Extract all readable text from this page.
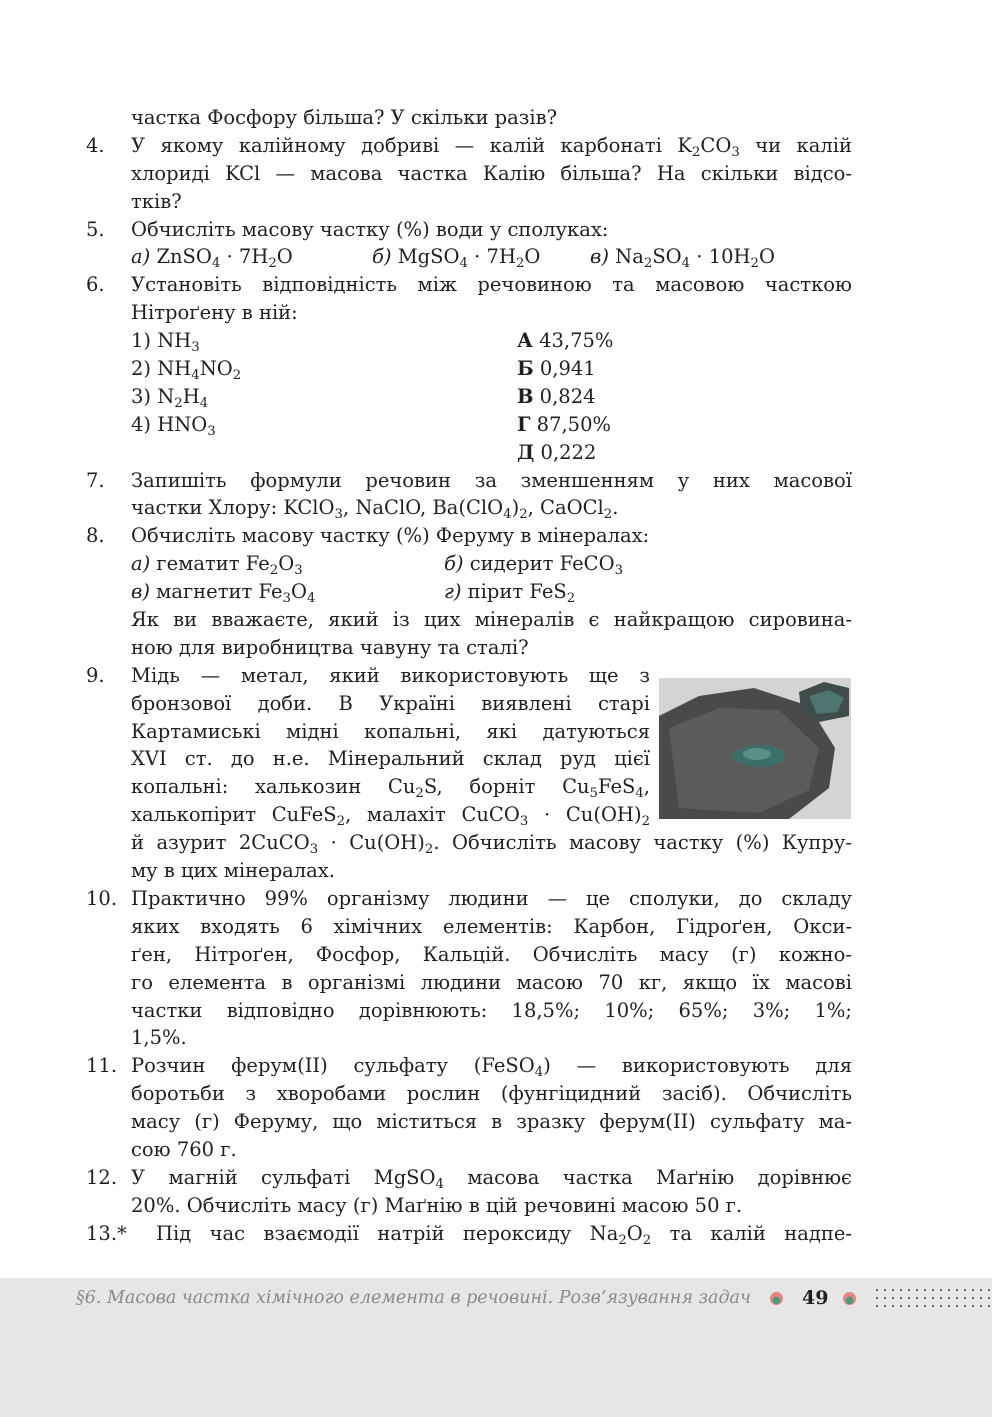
частка Фосфору більша? У скільки разів?
4. У якому калійному добриві — калій карбонаті $K_2CO_3$ чи калій
хлориді KCl — масова частка Калію більша? На скільки відсо-
тків?
5. Обчисліть масову частку (%) води у сполуках:
а) ZnSO$_4$ · $7H_2O$	б) MgSO$_4$ · $7H_2O$	в) $Na_2SO_4 \cdot 10H_2O$
6. Установіть відповідність між речовиною та масовою часткою
Нітроґену в ній:
1) $NH_3$	А 43,75%
2) $NH_4NO_2$	Б 0,941
3) $N_2H_4$	В 0,824
4) $HNO_3$	Г 87,50%
Д 0,222
7. Запишіть формули речовин за зменшенням у них масової
частки Хлору: KClO$_3$, NaClO, $Ba(ClO_4)_2$, CaOCl$_2$.
8. Обчисліть масову частку (%) Феруму в мінералах:
а) гематит $Fe_2O_3$	б) сидерит FeCO$_3$
в) магнетит $Fe_3O_4$	г) пірит FeS$_2$
Як ви вважаєте, який із цих мінералів є найкращою сировина-
ною для виробництва чавуну та сталі?
9. Мідь — метал, який використовують ще з
бронзової доби. В Україні виявлені старі
Картамиські мідні копальні, які датуються
XVI ст. до н.е. Мінеральний склад руд цієї
копальні: халькозин $Cu_2S$, борніт $Cu_5FeS_4$,
халькопірит CuFeS$_2$, малахіт CuCO$_3$ · $Cu(OH)_2$
й азурит 2CuCO$_3$ · $Cu(OH)_2$. Обчисліть масову частку (%) Купру-
му в цих мінералах.
10. Практично 99% організму людини — це сполуки, до складу
яких входять 6 хімічних елементів: Карбон, Гідроґен, Окси-
ґен, Нітроґен, Фосфор, Кальцій. Обчисліть масу (г) кожно-
го елемента в організмі людини масою 70 кг, якщо їх масові
частки відповідно дорівнюють: 18,5%; 10%; 65%; 3%; 1%;
1,5%.
11. Розчин ферум(II) сульфату (FeSO$_4$) — використовують для
боротьби з хворобами рослин (фунгіцидний засіб). Обчисліть
масу (г) Феруму, що міститься в зразку ферум(II) сульфату ма-
сою 760 г.
12. У магній сульфаті MgSO$_4$ масова частка Маґнію дорівнює
20%. Обчисліть масу (г) Маґнію в цій речовині масою 50 г.
13.* Під час взаємодії натрій пероксиду $Na_2O_2$ та калій надпе-
§6. Масова частка хімічного елемента в речовині. Розв’язування задач	49
